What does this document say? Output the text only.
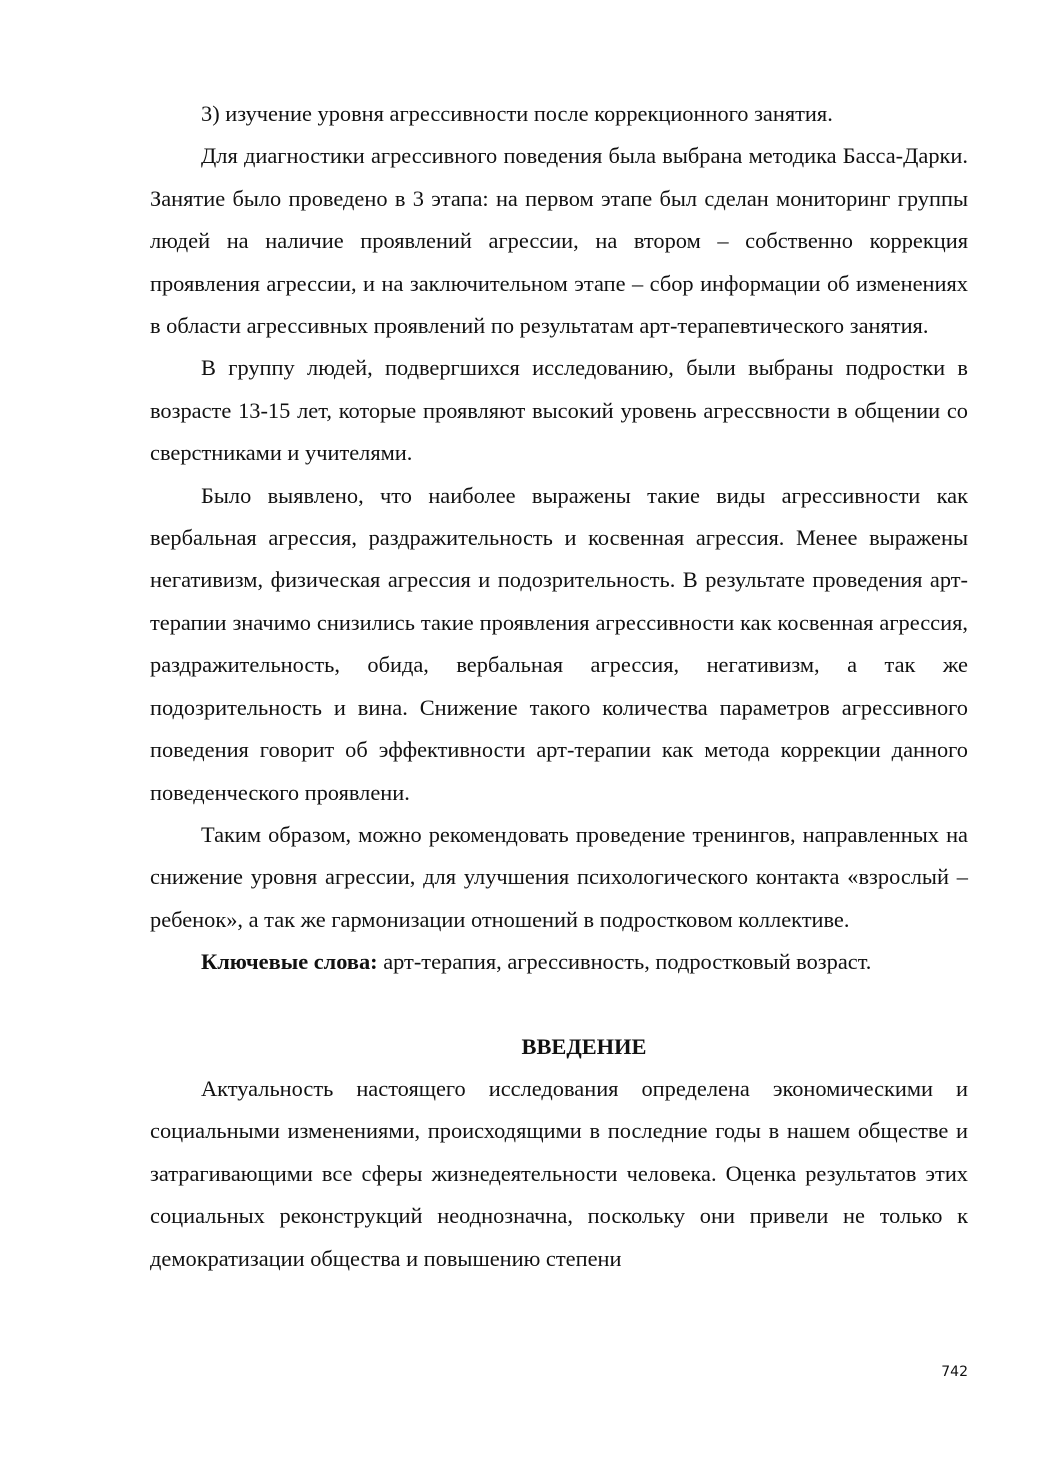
3) изучение уровня агрессивности после коррекционного занятия.

Для диагностики агрессивного поведения была выбрана методика Басса-Дарки. Занятие было проведено в 3 этапа: на первом этапе был сделан мониторинг группы людей на наличие проявлений агрессии, на втором – собственно коррекция проявления агрессии, и на заключительном этапе – сбор информации об изменениях в области агрессивных проявлений по результатам арт-терапевтического занятия.

В группу людей, подвергшихся исследованию, были выбраны подростки в возрасте 13-15 лет, которые проявляют высокий уровень агрессвности в общении со сверстниками и учителями.

Было выявлено, что наиболее выражены такие виды агрессивности как вербальная агрессия, раздражительность и косвенная агрессия. Менее выражены негативизм, физическая агрессия и подозрительность. В результате проведения арт-терапии значимо снизились такие проявления агрессивности как косвенная агрессия, раздражительность, обида, вербальная агрессия, негативизм, а так же подозрительность и вина. Снижение такого количества параметров агрессивного поведения говорит об эффективности арт-терапии как метода коррекции данного поведенческого проявлени.

Таким образом, можно рекомендовать проведение тренингов, направленных на снижение уровня агрессии, для улучшения психологического контакта «взрослый – ребенок», а так же гармонизации отношений в подростковом коллективе.

Ключевые слова: арт-терапия, агрессивность, подростковый возраст.

ВВЕДЕНИЕ

Актуальность настоящего исследования определена экономическими и социальными изменениями, происходящими в последние годы в нашем обществе и затрагивающими все сферы жизнедеятельности человека. Оценка результатов этих социальных реконструкций неоднозначна, поскольку они привели не только к демократизации общества и повышению степени

742
